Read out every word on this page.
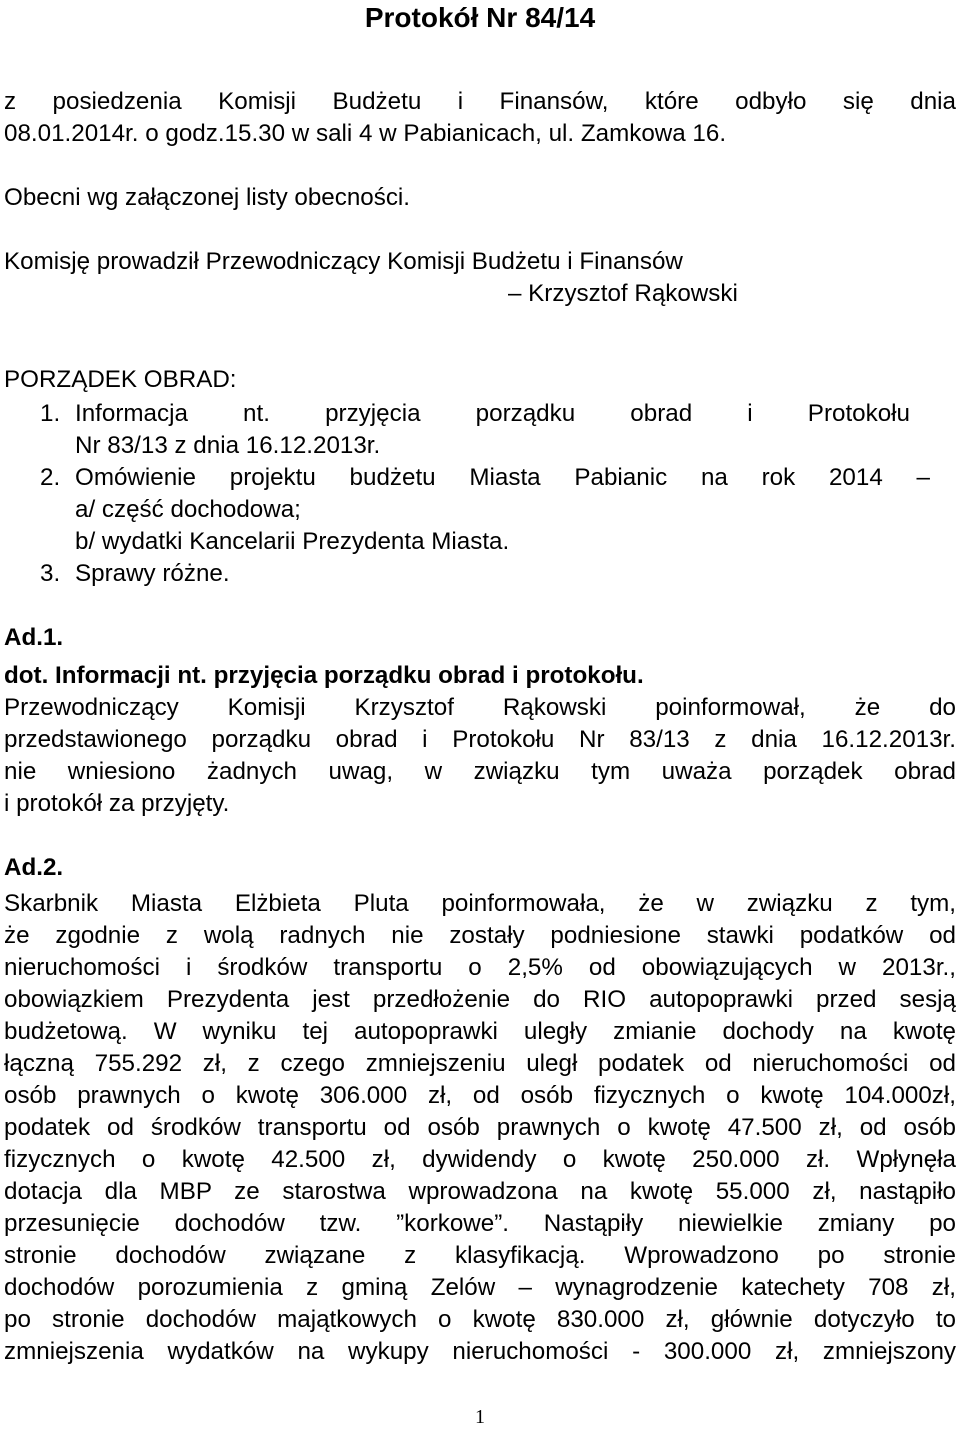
Protokół Nr 84/14
z posiedzenia Komisji Budżetu i Finansów, które odbyło się dnia
08.01.2014r. o godz.15.30 w sali 4 w Pabianicach, ul. Zamkowa 16.
Obecni wg załączonej listy obecności.
Komisję prowadził Przewodniczący Komisji Budżetu i Finansów
– Krzysztof Rąkowski
PORZĄDEK OBRAD:
1. Informacja nt. przyjęcia porządku obrad i Protokołu
Nr 83/13 z dnia 16.12.2013r.
2. Omówienie projektu budżetu Miasta Pabianic na rok 2014 –
a/ część dochodowa;
b/ wydatki Kancelarii Prezydenta Miasta.
3. Sprawy różne.
Ad.1.
dot. Informacji nt. przyjęcia porządku obrad i protokołu.
Przewodniczący Komisji Krzysztof Rąkowski poinformował, że do
przedstawionego porządku obrad i Protokołu Nr 83/13 z dnia 16.12.2013r.
nie wniesiono żadnych uwag, w związku tym uważa porządek obrad
i protokół za przyjęty.
Ad.2.
Skarbnik Miasta Elżbieta Pluta poinformowała, że w związku z tym,
że zgodnie z wolą radnych nie zostały podniesione stawki podatków od
nieruchomości i środków transportu o 2,5% od obowiązujących w 2013r.,
obowiązkiem Prezydenta jest przedłożenie do RIO autopoprawki przed sesją
budżetową. W wyniku tej autopoprawki uległy zmianie dochody na kwotę
łączną 755.292 zł, z czego zmniejszeniu uległ podatek od nieruchomości od
osób prawnych o kwotę 306.000 zł, od osób fizycznych o kwotę 104.000zł,
podatek od środków transportu od osób prawnych o kwotę 47.500 zł, od osób
fizycznych o kwotę 42.500 zł, dywidendy o kwotę 250.000 zł. Wpłynęła
dotacja dla MBP ze starostwa wprowadzona na kwotę 55.000 zł, nastąpiło
przesunięcie dochodów tzw. ”korkowe”. Nastąpiły niewielkie zmiany po
stronie dochodów związane z klasyfikacją. Wprowadzono po stronie
dochodów porozumienia z gminą Zelów – wynagrodzenie katechety 708 zł,
po stronie dochodów majątkowych o kwotę 830.000 zł, głównie dotyczyło to
zmniejszenia wydatków na wykupy nieruchomości - 300.000 zł, zmniejszony
1
